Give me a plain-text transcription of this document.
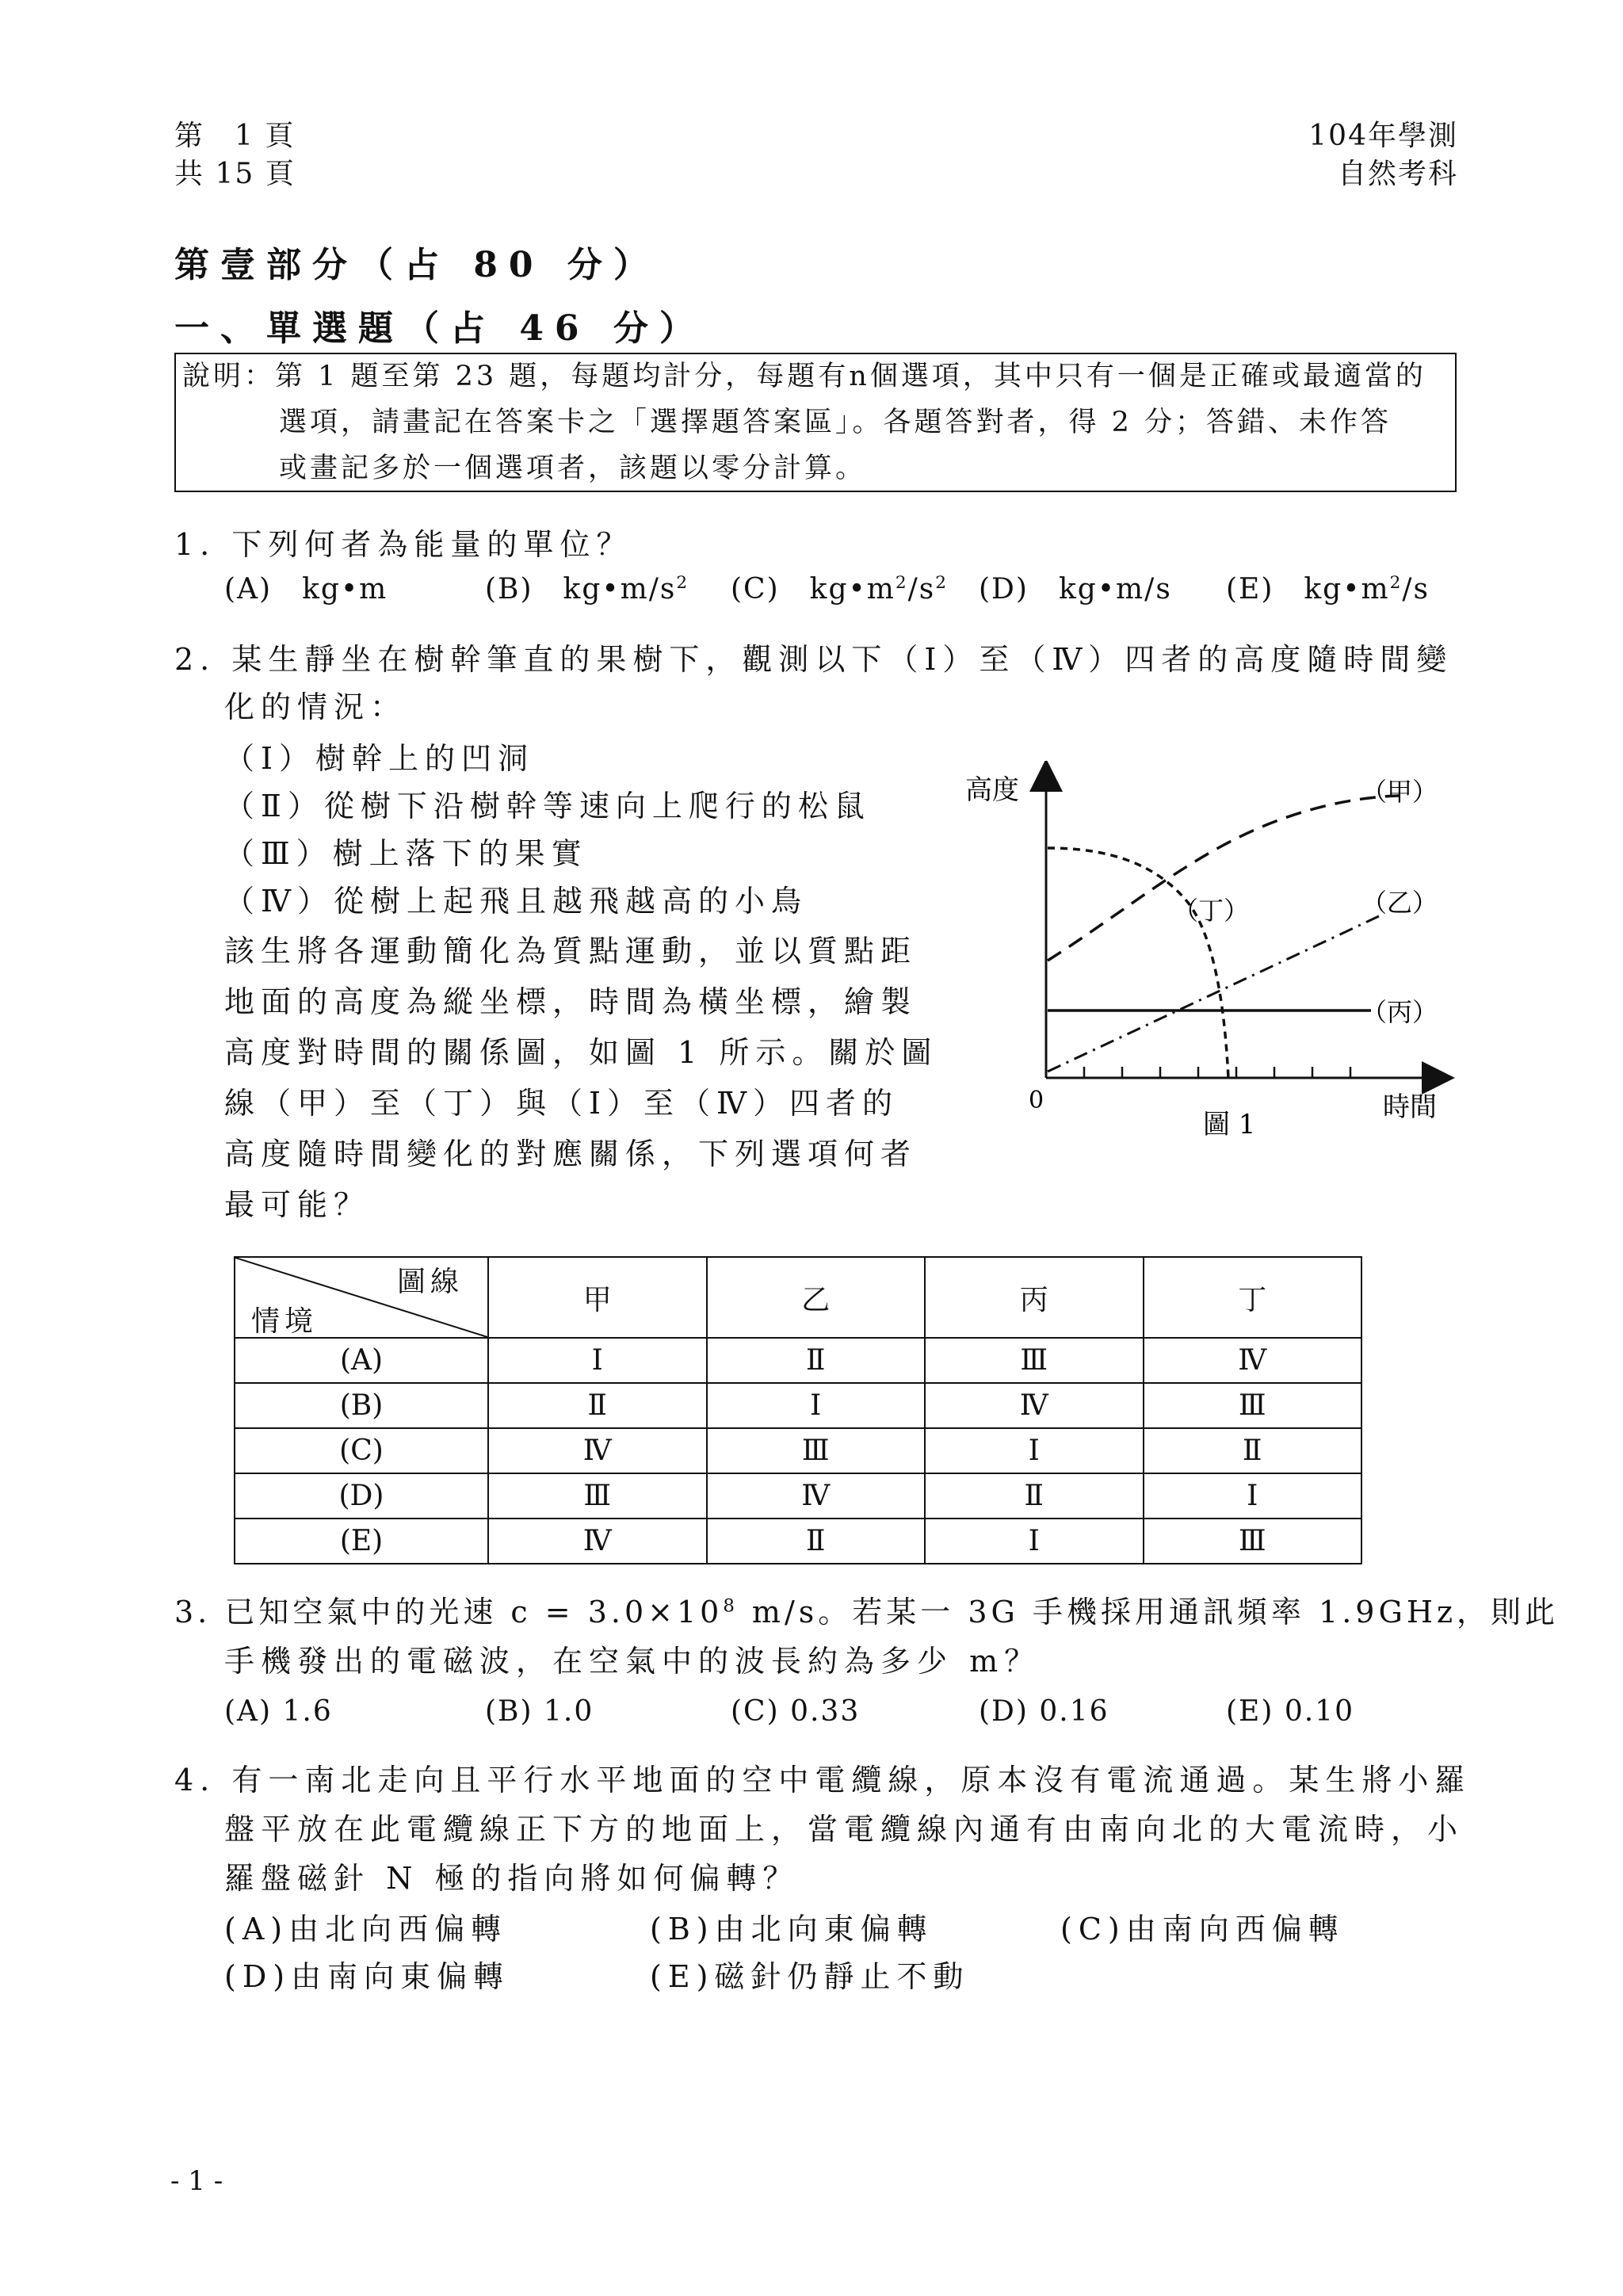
第　1 頁
共 15 頁
104年學測
自然考科
第壹部分（占 80 分）
一、單選題（占 46 分）
說明：第 1 題至第 23 題，每題均計分，每題有n個選項，其中只有一個是正確或最適當的
選項，請畫記在答案卡之「選擇題答案區」。各題答對者，得 2 分；答錯、未作答
或畫記多於一個選項者，該題以零分計算。
1. 下列何者為能量的單位？
(A)　kg•m	(B)　$kg•m/s^2$ (C)　$kg•m^2/s^2$ (D)　kg•m/s (E)　$kg•m^2/s$
2. 某生靜坐在樹幹筆直的果樹下，觀測以下（Ⅰ）至（Ⅳ）四者的高度隨時間變
化的情況：
（Ⅰ）樹幹上的凹洞
（Ⅱ）從樹下沿樹幹等速向上爬行的松鼠
（Ⅲ）樹上落下的果實
（Ⅳ）從樹上起飛且越飛越高的小鳥
該生將各運動簡化為質點運動，並以質點距
地面的高度為縱坐標，時間為橫坐標，繪製
高度對時間的關係圖，如圖 1 所示。關於圖
線（甲）至（丁）與（Ⅰ）至（Ⅳ）四者的
高度隨時間變化的對應關係，下列選項何者
最可能？
高度
時間
0
圖 1
（甲）
（乙）
（丙）
（丁）
圖線
情境	甲	乙	丙	丁
(A)	Ⅰ	Ⅱ	Ⅲ	Ⅳ
(B)	Ⅱ	Ⅰ	Ⅳ	Ⅲ
(C)	Ⅳ	Ⅲ	Ⅰ	Ⅱ
(D)	Ⅲ	Ⅳ	Ⅱ	Ⅰ
(E)	Ⅳ	Ⅱ	Ⅰ	Ⅲ
3. 已知空氣中的光速 $c = 3.0\times 10^8$ m/s。若某一 3G 手機採用通訊頻率 1.9GHz，則此
手機發出的電磁波，在空氣中的波長約為多少 m？
(A) 1.6	(B) 1.0	(C) 0.33	(D) 0.16	(E) 0.10
4. 有一南北走向且平行水平地面的空中電纜線，原本沒有電流通過。某生將小羅
盤平放在此電纜線正下方的地面上，當電纜線內通有由南向北的大電流時，小
羅盤磁針 N 極的指向將如何偏轉？
(A)由北向西偏轉	(B)由北向東偏轉	(C)由南向西偏轉
(D)由南向東偏轉	(E)磁針仍靜止不動
- 1 -
